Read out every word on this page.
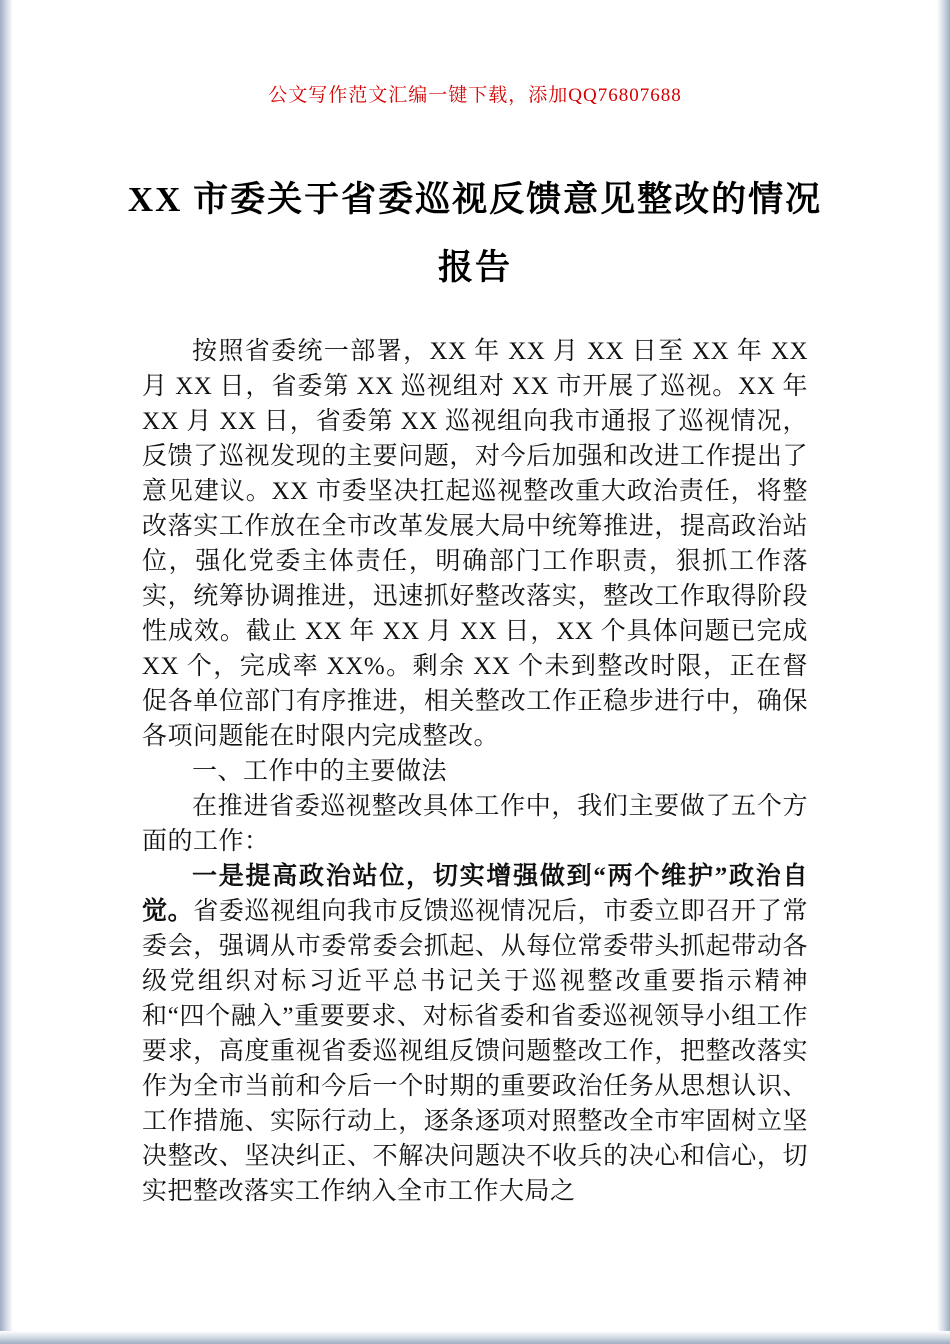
公文写作范文汇编一键下载，添加QQ76807688
XX 市委关于省委巡视反馈意见整改的情况
报告

按照省委统一部署，XX 年 XX 月 XX 日至 XX 年 XX 月 XX 日，省委第 XX 巡视组对 XX 市开展了巡视。XX 年 XX 月 XX 日，省委第 XX 巡视组向我市通报了巡视情况，反馈了巡视发现的主要问题，对今后加强和改进工作提出了意见建议。XX 市委坚决扛起巡视整改重大政治责任，将整改落实工作放在全市改革发展大局中统筹推进，提高政治站位，强化党委主体责任，明确部门工作职责，狠抓工作落实，统筹协调推进，迅速抓好整改落实，整改工作取得阶段性成效。截止 XX 年 XX 月 XX 日，XX 个具体问题已完成 XX 个，完成率 XX%。剩余 XX 个未到整改时限，正在督促各单位部门有序推进，相关整改工作正稳步进行中，确保各项问题能在时限内完成整改。

一、工作中的主要做法

在推进省委巡视整改具体工作中，我们主要做了五个方面的工作：

一是提高政治站位，切实增强做到“两个维护”政治自觉。省委巡视组向我市反馈巡视情况后，市委立即召开了常委会，强调从市委常委会抓起、从每位常委带头抓起带动各级党组织对标习近平总书记关于巡视整改重要指示精神和“四个融入”重要要求、对标省委和省委巡视领导小组工作要求，高度重视省委巡视组反馈问题整改工作，把整改落实作为全市当前和今后一个时期的重要政治任务从思想认识、工作措施、实际行动上，逐条逐项对照整改全市牢固树立坚决整改、坚决纠正、不解决问题决不收兵的决心和信心，切实把整改落实工作纳入全市工作大局之
